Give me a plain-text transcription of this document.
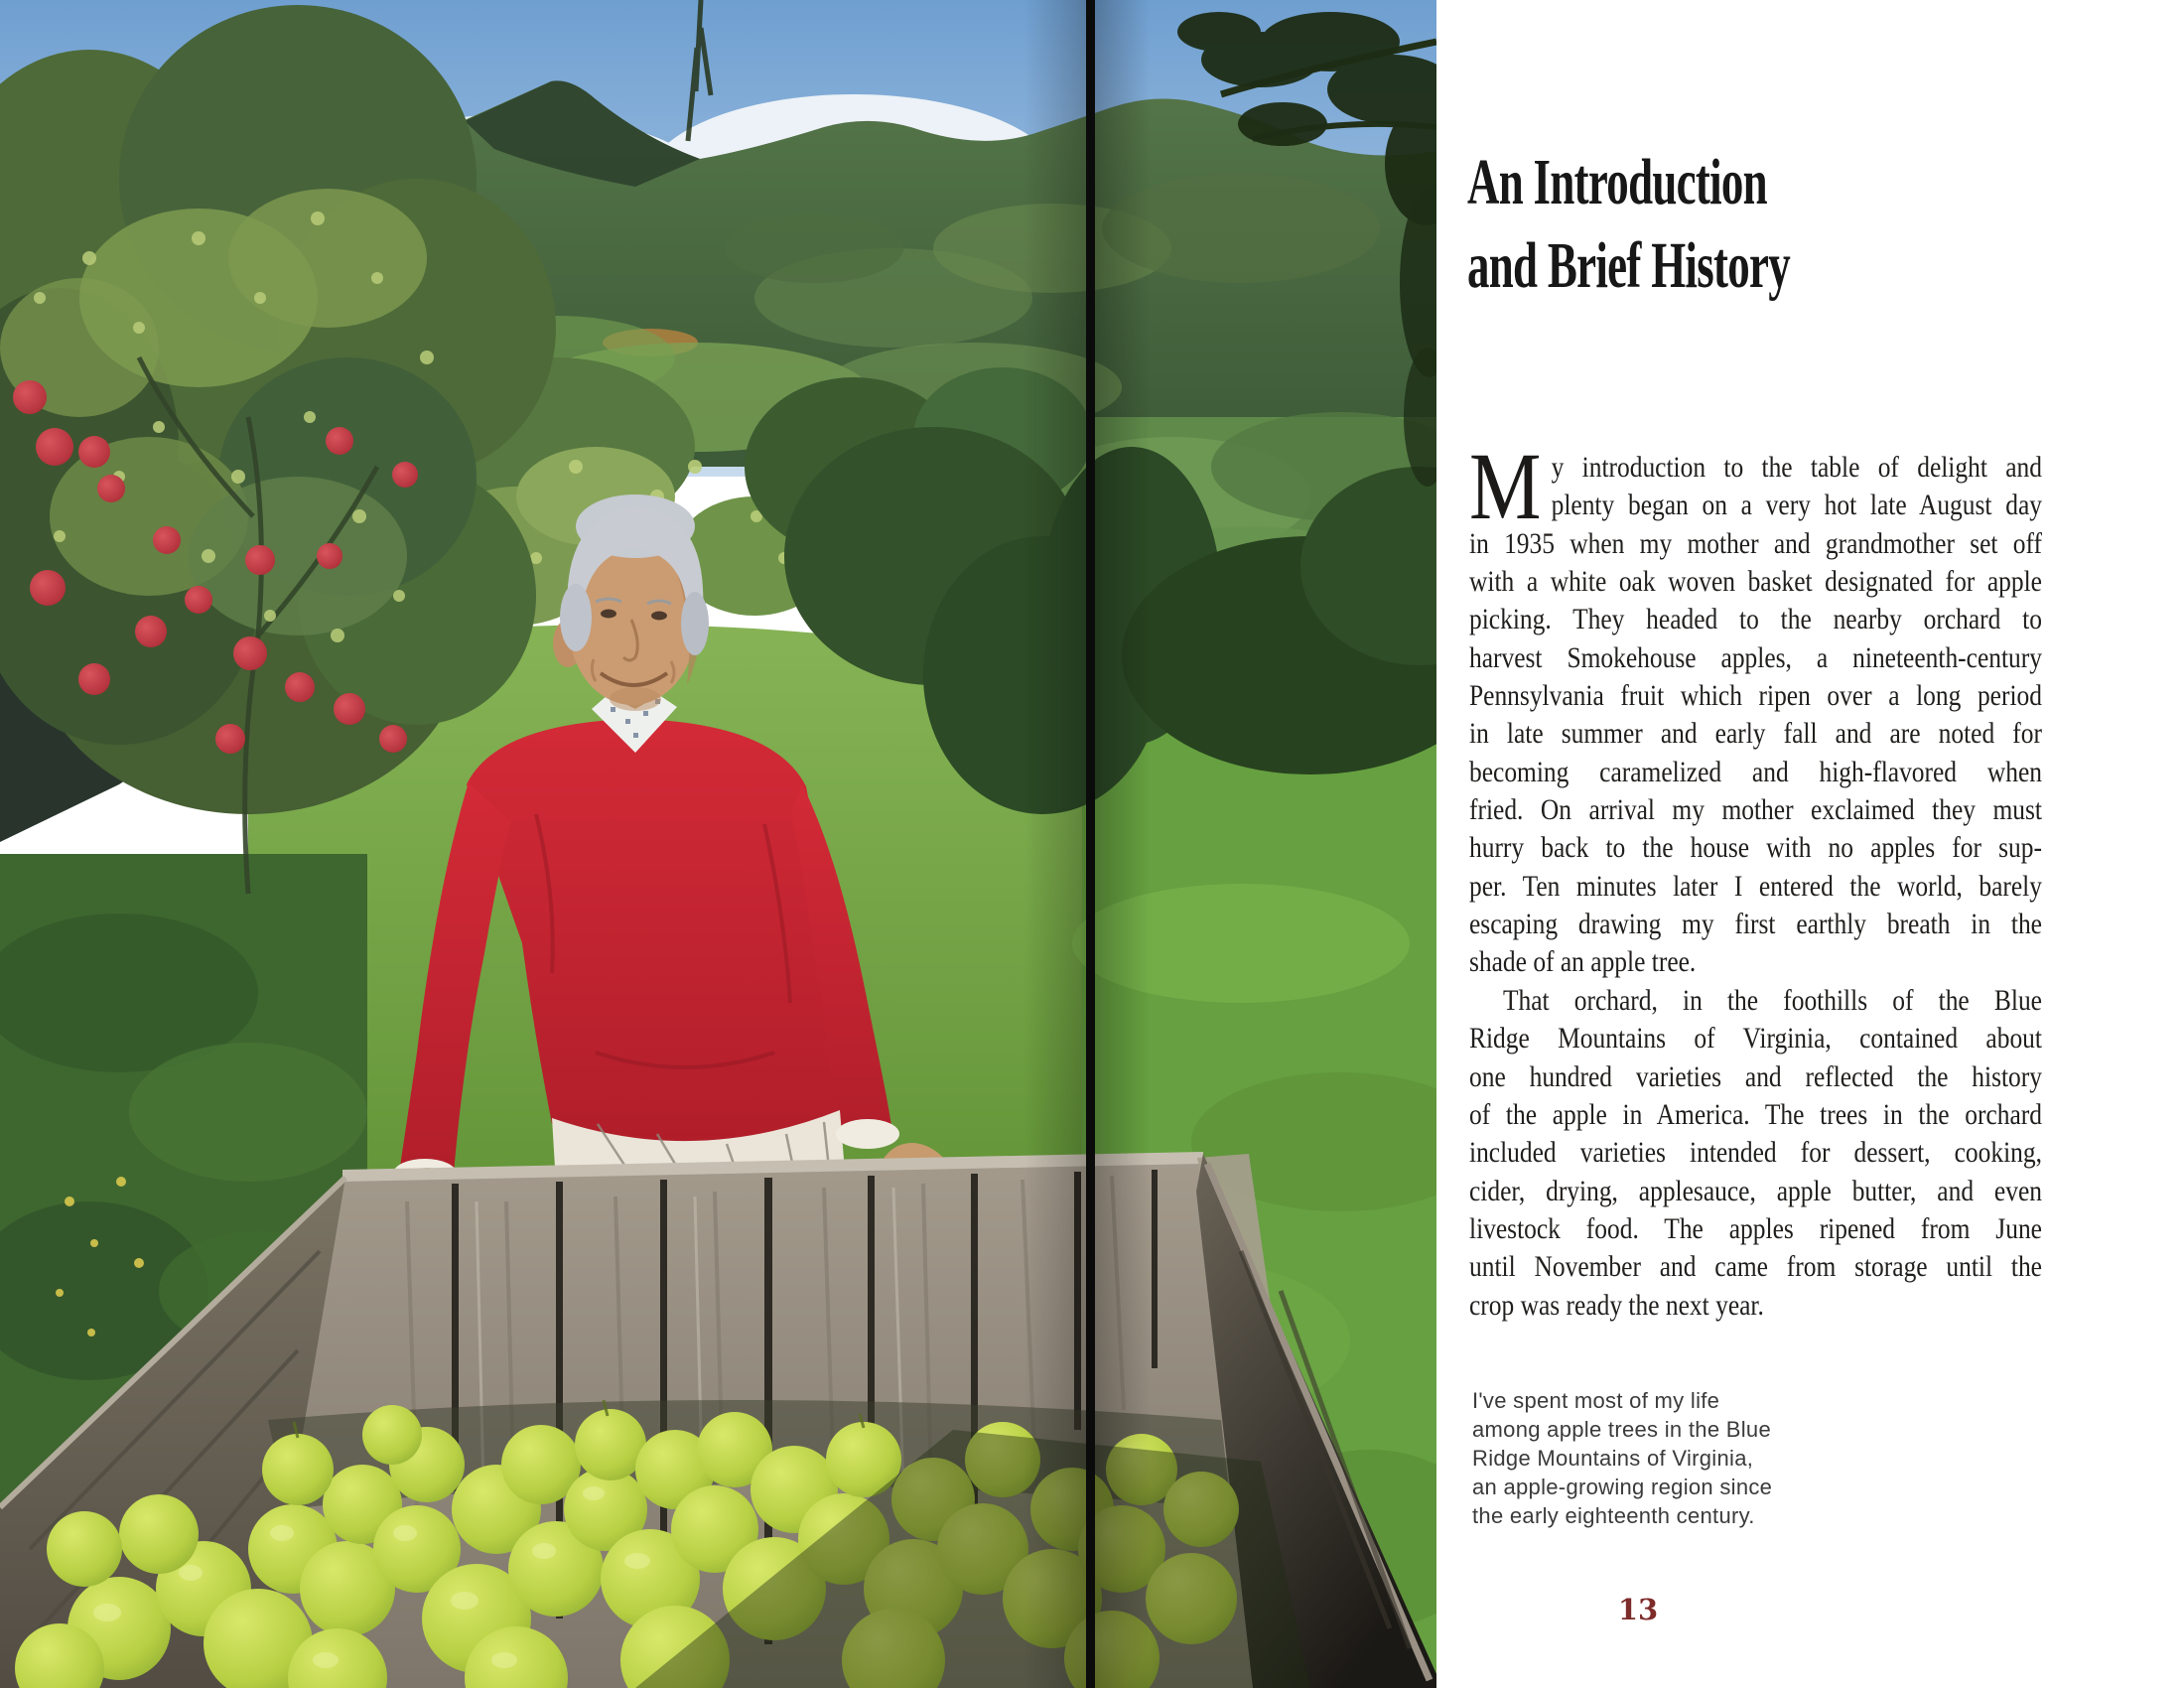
An Introduction
and Brief History
M y introduction to the table of delight and
plenty began on a very hot late August day
in 1935 when my mother and grandmother set off
with a white oak woven basket designated for apple
picking. They headed to the nearby orchard to
harvest Smokehouse apples, a nineteenth-century
Pennsylvania fruit which ripen over a long period
in late summer and early fall and are noted for
becoming caramelized and high-flavored when
fried. On arrival my mother exclaimed they must
hurry back to the house with no apples for sup-
per. Ten minutes later I entered the world, barely
escaping drawing my first earthly breath in the
shade of an apple tree.
That orchard, in the foothills of the Blue
Ridge Mountains of Virginia, contained about
one hundred varieties and reflected the history
of the apple in America. The trees in the orchard
included varieties intended for dessert, cooking,
cider, drying, applesauce, apple butter, and even
livestock food. The apples ripened from June
until November and came from storage until the
crop was ready the next year.
I've spent most of my life
among apple trees in the Blue
Ridge Mountains of Virginia,
an apple-growing region since
the early eighteenth century.
13
